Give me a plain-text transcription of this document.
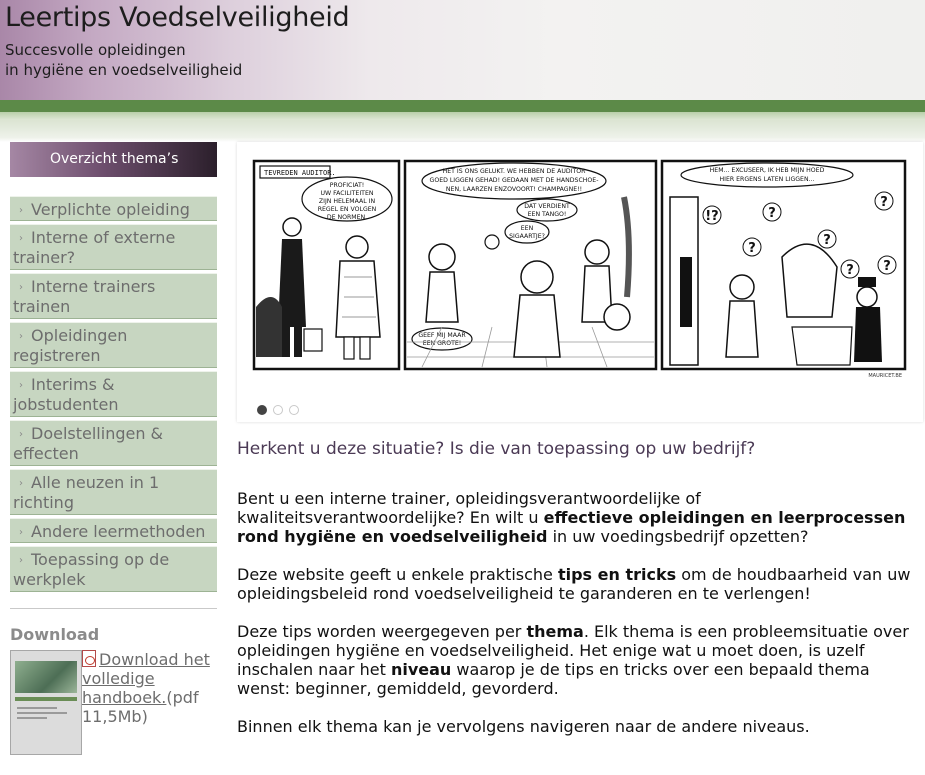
Leertips Voedselveiligheid
Succesvolle opleidingen
in hygiëne en voedselveiligheid
Overzicht thema’s
› Verplichte opleiding
› Interne of externe trainer?
› Interne trainers trainen
› Opleidingen registreren
› Interims & jobstudenten
› Doelstellingen & effecten
› Alle neuzen in 1 richting
› Andere leermethoden
› Toepassing op de werkplek
Download
Download het volledige handboek.(pdf 11,5Mb)
TEVREDEN AUDITOR.
PROFICIAT!
UW FACILITEITEN
ZIJN HELEMAAL IN
REGEL EN VOLGEN
DE NORMEN.
HET IS ONS GELUKT. WE HEBBEN DE AUDITOR
GOED LIGGEN GEHAD! GEDAAN MET DE HANDSCHOE-
NEN, LAARZEN ENZOVOORT! CHAMPAGNE!!
DAT VERDIENT
EEN TANGO!
EEN
SIGAARTJE?
GEEF MIJ MAAR
EEN GROTE!
HEM... EXCUSEER, IK HEB MIJN HOED
HIER ERGENS LATEN LIGGEN...
!?	?
?
?
?
? ?
MAURICET.BE
Herkent u deze situatie? Is die van toepassing op uw bedrijf?
Bent u een interne trainer, opleidingsverantwoordelijke of kwaliteitsverantwoordelijke? En wilt u effectieve opleidingen en leerprocessen rond hygiëne en voedselveiligheid in uw voedingsbedrijf opzetten?
Deze website geeft u enkele praktische tips en tricks om de houdbaarheid van uw opleidingsbeleid rond voedselveiligheid te garanderen en te verlengen!
Deze tips worden weergegeven per thema. Elk thema is een probleemsituatie over opleidingen hygiëne en voedselveiligheid. Het enige wat u moet doen, is uzelf inschalen naar het niveau waarop je de tips en tricks over een bepaald thema wenst: beginner, gemiddeld, gevorderd.
Binnen elk thema kan je vervolgens navigeren naar de andere niveaus.
